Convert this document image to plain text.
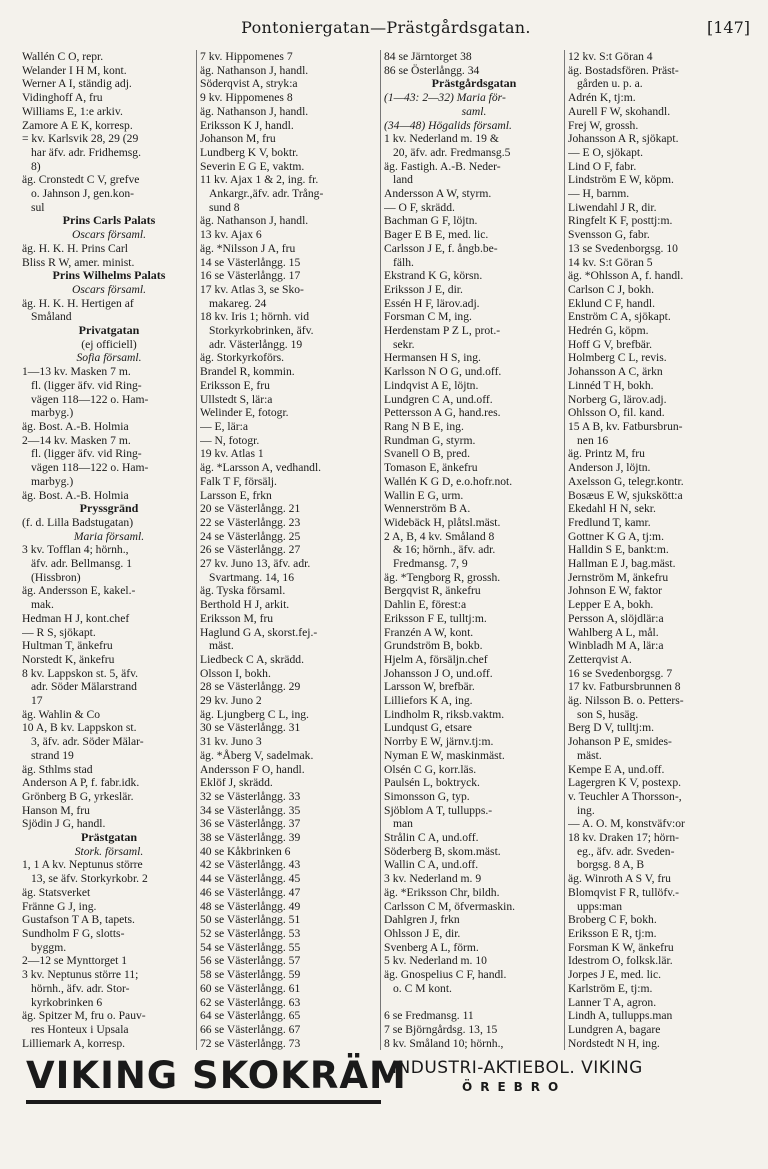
Pontoniergatan—Prästgårdsgatan.	[147]
Wallén C O, repr.
Welander I H M, kont.
Werner A I, ständig adj.
Vidinghoff A, fru
Williams E, 1:e arkiv.
Zamore A E K, korresp.
= kv. Karlsvik 28, 29 (29
har äfv. adr. Fridhemsg.
8)
äg. Cronstedt C V, grefve
o. Jahnson J, gen.kon-
sul
Prins Carls Palats
Oscars församl.
äg. H. K. H. Prins Carl
Bliss R W, amer. minist.
Prins Wilhelms Palats
Oscars församl.
äg. H. K. H. Hertigen af
Småland
Privatgatan
(ej officiell)
Sofia församl.
1—13 kv. Masken 7 m.
fl. (ligger äfv. vid Ring-
vägen 118—122 o. Ham-
marbyg.)
äg. Bost. A.-B. Holmia
2—14 kv. Masken 7 m.
fl. (ligger äfv. vid Ring-
vägen 118—122 o. Ham-
marbyg.)
äg. Bost. A.-B. Holmia
Pryssgränd
(f. d. Lilla Badstugatan)
Maria församl.
3 kv. Tofflan 4; hörnh.,
äfv. adr. Bellmansg. 1
(Hissbron)
äg. Andersson E, kakel.-
mak.
Hedman H J, kont.chef
— R S, sjökapt.
Hultman T, änkefru
Norstedt K, änkefru
8 kv. Lappskon st. 5, äfv.
adr. Söder Mälarstrand
17
äg. Wahlin & Co
10 A, B kv. Lappskon st.
3, äfv. adr. Söder Mälar-
strand 19
äg. Sthlms stad
Anderson A P, f. fabr.idk.
Grönberg B G, yrkeslär.
Hanson M, fru
Sjödin J G, handl.
Prästgatan
Stork. församl.
1, 1 A kv. Neptunus större
13, se äfv. Storkyrkobr. 2
äg. Statsverket
Fränne G J, ing.
Gustafson T A B, tapets.
Sundholm F G, slotts-
byggm.
2—12 se Mynttorget 1
3 kv. Neptunus större 11;
hörnh., äfv. adr. Stor-
kyrkobrinken 6
äg. Spitzer M, fru o. Pauv-
res Honteux i Upsala
Lilliemark A, korresp.
7 kv. Hippomenes 7
äg. Nathanson J, handl.
Söderqvist A, stryk:a
9 kv. Hippomenes 8
äg. Nathanson J, handl.
Eriksson K J, handl.
Johanson M, fru
Lundberg K V, boktr.
Severin E G E, vaktm.
11 kv. Ajax 1 & 2, ing. fr.
Ankargr.,äfv. adr. Trång-
sund 8
äg. Nathanson J, handl.
13 kv. Ajax 6
äg. *Nilsson J A, fru
14 se Västerlångg. 15
16 se Västerlångg. 17
17 kv. Atlas 3, se Sko-
makareg. 24
18 kv. Iris 1; hörnh. vid
Storkyrkobrinken, äfv.
adr. Västerlångg. 19
äg. Storkyrkoförs.
Brandel R, kommin.
Eriksson E, fru
Ullstedt S, lär:a
Welinder E, fotogr.
— E, lär:a
— N, fotogr.
19 kv. Atlas 1
äg. *Larsson A, vedhandl.
Falk T F, försälj.
Larsson E, frkn
20 se Västerlångg. 21
22 se Västerlångg. 23
24 se Västerlångg. 25
26 se Västerlångg. 27
27 kv. Juno 13, äfv. adr.
Svartmang. 14, 16
äg. Tyska församl.
Berthold H J, arkit.
Eriksson M, fru
Haglund G A, skorst.fej.-
mäst.
Liedbeck C A, skrädd.
Olsson I, bokh.
28 se Västerlångg. 29
29 kv. Juno 2
äg. Ljungberg C L, ing.
30 se Västerlångg. 31
31 kv. Juno 3
äg. *Åberg V, sadelmak.
Andersson F O, handl.
Eklöf J, skrädd.
32 se Västerlångg. 33
34 se Västerlångg. 35
36 se Västerlångg. 37
38 se Västerlångg. 39
40 se Kåkbrinken 6
42 se Västerlångg. 43
44 se Västerlångg. 45
46 se Västerlångg. 47
48 se Västerlångg. 49
50 se Västerlångg. 51
52 se Västerlångg. 53
54 se Västerlångg. 55
56 se Västerlångg. 57
58 se Västerlångg. 59
60 se Västerlångg. 61
62 se Västerlångg. 63
64 se Västerlångg. 65
66 se Västerlångg. 67
72 se Västerlångg. 73
84 se Järntorget 38
86 se Österlångg. 34
Prästgårdsgatan
(1—43: 2—32) Maria för-
saml.
(34—48) Högalids församl.
1 kv. Nederland m. 19 &
20, äfv. adr. Fredmansg.5
äg. Fastigh. A.-B. Neder-
land
Andersson A W, styrm.
— O F, skrädd.
Bachman G F, löjtn.
Bager E B E, med. lic.
Carlsson J E, f. ångb.be-
fälh.
Ekstrand K G, körsn.
Eriksson J E, dir.
Essén H F, lärov.adj.
Forsman C M, ing.
Herdenstam P Z L, prot.-
sekr.
Hermansen H S, ing.
Karlsson N O G, und.off.
Lindqvist A E, löjtn.
Lundgren C A, und.off.
Pettersson A G, hand.res.
Rang N B E, ing.
Rundman G, styrm.
Svanell O B, pred.
Tomason E, änkefru
Wallén K G D, e.o.hofr.not.
Wallin E G, urm.
Wennerström B A.
Widebäck H, plåtsl.mäst.
2 A, B, 4 kv. Småland 8
& 16; hörnh., äfv. adr.
Fredmansg. 7, 9
äg. *Tengborg R, grossh.
Bergqvist R, änkefru
Dahlin E, förest:a
Eriksson F E, tulltj:m.
Franzén A W, kont.
Grundström B, bokb.
Hjelm A, försäljn.chef
Johansson J O, und.off.
Larsson W, brefbär.
Lilliefors K A, ing.
Lindholm R, riksb.vaktm.
Lundqust G, etsare
Norrby E W, järnv.tj:m.
Nyman E W, maskinmäst.
Olsén C G, korr.läs.
Paulsén L, boktryck.
Simonsson G, typ.
Sjöblom A T, tullupps.-
man
Strålin C A, und.off.
Söderberg B, skom.mäst.
Wallin C A, und.off.
3 kv. Nederland m. 9
äg. *Eriksson Chr, bildh.
Carlsson C M, öfvermaskin.
Dahlgren J, frkn
Ohlsson J E, dir.
Svenberg A L, förm.
5 kv. Nederland m. 10
äg. Gnospelius C F, handl.
o. C M kont.

6 se Fredmansg. 11
7 se Björngårdsg. 13, 15
8 kv. Småland 10; hörnh.,
12 kv. S:t Göran 4
äg. Bostadsfören. Präst-
gården u. p. a.
Adrén K, tj:m.
Aurell F W, skohandl.
Frej W, grossh.
Johansson A R, sjökapt.
— E O, sjökapt.
Lind O F, fabr.
Lindström E W, köpm.
— H, barnm.
Liwendahl J R, dir.
Ringfelt K F, posttj:m.
Svensson G, fabr.
13 se Svedenborgsg. 10
14 kv. S:t Göran 5
äg. *Ohlsson A, f. handl.
Carlson C J, bokh.
Eklund C F, handl.
Enström C A, sjökapt.
Hedrén G, köpm.
Hoff G V, brefbär.
Holmberg C L, revis.
Johansson A C, ärkn
Linnéd T H, bokh.
Norberg G, lärov.adj.
Ohlsson O, fil. kand.
15 A B, kv. Fatbursbrun-
nen 16
äg. Printz M, fru
Anderson J, löjtn.
Axelsson G, telegr.kontr.
Bosæus E W, sjukskött:a
Ekedahl H N, sekr.
Fredlund T, kamr.
Gottner K G A, tj:m.
Halldin S E, bankt:m.
Hallman E J, bag.mäst.
Jernström M, änkefru
Johnson E W, faktor
Lepper E A, bokh.
Persson A, slöjdlär:a
Wahlberg A L, mål.
Winbladh M A, lär:a
Zetterqvist A.
16 se Svedenborgsg. 7
17 kv. Fatbursbrunnen 8
äg. Nilsson B. o. Petters-
son S, husäg.
Berg D V, tulltj:m.
Johanson P E, smides-
mäst.
Kempe E A, und.off.
Lagergren K V, postexp.
v. Teuchler A Thorsson-,
ing.
— A. O. M, konstväfv:or
18 kv. Draken 17; hörn-
eg., äfv. adr. Sveden-
borgsg. 8 A, B
äg. Winroth A S V, fru
Blomqvist F R, tullöfv.-
upps:man
Broberg C F, bokh.
Eriksson E R, tj:m.
Forsman K W, änkefru
Idestrom O, folksk.lär.
Jorpes J E, med. lic.
Karlström E, tj:m.
Lanner T A, agron.
Lindh A, tullupps.man
Lundgren A, bagare
Nordstedt N H, ing.
VIKING SKOKRÄM
INDUSTRI-AKTIEBOL. VIKING
ÖREBRO
